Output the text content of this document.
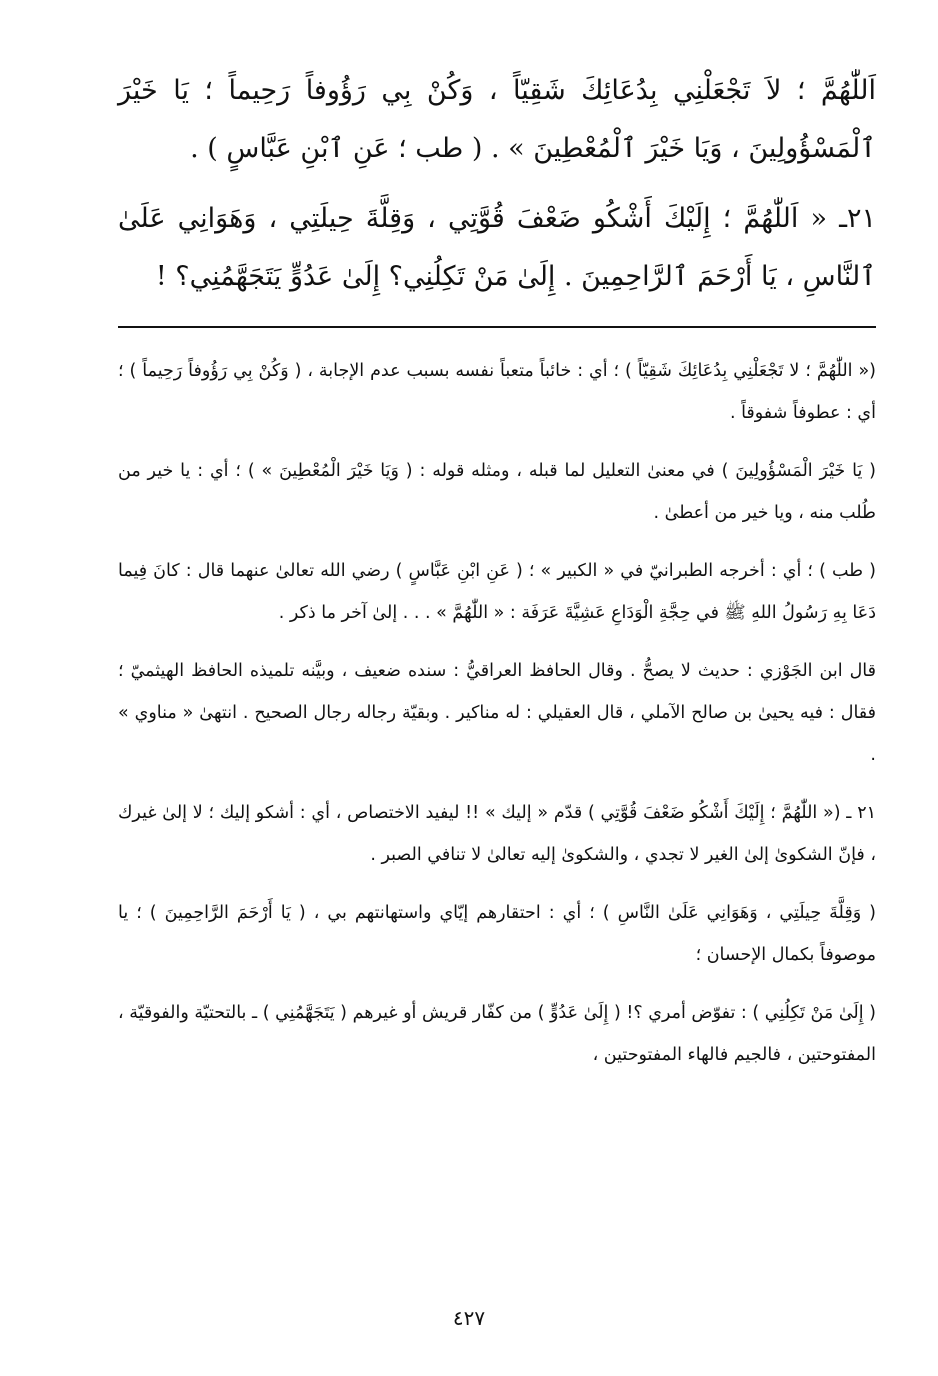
اَللّٰهُمَّ ؛ لاَ تَجْعَلْنِي بِدُعَائِكَ شَقِيّاً ، وَكُنْ بِي رَؤُوفاً رَحِيماً ؛ يَا خَيْرَ ٱلْمَسْؤُولِينَ ، وَيَا خَيْرَ ٱلْمُعْطِينَ » . ( طب ؛ عَنِ ٱبْنِ عَبَّاسٍ ) .

٢١ـ « اَللّٰهُمَّ ؛ إِلَيْكَ أَشْكُو ضَعْفَ قُوَّتِي ، وَقِلَّةَ حِيلَتِي ، وَهَوَانِي عَلَىٰ ٱلنَّاسِ ، يَا أَرْحَمَ ٱلرَّاحِمِينَ . إِلَىٰ مَنْ تَكِلُنِي؟ إِلَىٰ عَدُوٍّ يَتَجَهَّمُنِي؟ !

(« اللّٰهُمَّ ؛ لا تَجْعَلْنِي بِدُعَائِكَ شَقِيّاً ) ؛ أي : خائباً متعباً نفسه بسبب عدم الإجابة ، ( وَكُنْ بِي رَؤُوفاً رَحِيماً ) ؛ أي : عطوفاً شفوقاً .

( يَا خَيْرَ الْمَسْؤُولِينَ ) في معنىٰ التعليل لما قبله ، ومثله قوله : ( وَيَا خَيْرَ الْمُعْطِينَ » ) ؛ أي : يا خير من طُلب منه ، ويا خير من أعطىٰ .

( طب ) ؛ أي : أخرجه الطبرانيّ في « الكبير » ؛ ( عَنِ ابْنِ عَبَّاسٍ ) رضي الله تعالىٰ عنهما قال : كانَ فِيما دَعَا بِهِ رَسُولُ اللهِ ﷺ في حِجَّةِ الْوَدَاعِ عَشِيَّةَ عَرَفَة : « اللّٰهُمَّ » . . . إلىٰ آخر ما ذكر .

قال ابن الجَوْزي : حديث لا يصحُّ . وقال الحافظ العراقيُّ : سنده ضعيف ، وبيَّنه تلميذه الحافظ الهيثميّ ؛ فقال : فيه يحيىٰ بن صالح الآملي ، قال العقيلي : له مناكير . وبقيّة رجاله رجال الصحيح . انتهىٰ « مناوي » .

٢١ ـ (« اللّٰهُمَّ ؛ إِلَيْكَ أَشْكُو ضَعْفَ قُوَّتِي ) قدّم « إليك » !! ليفيد الاختصاص ، أي : أشكو إليك ؛ لا إلىٰ غيرك ، فإنّ الشكوىٰ إلىٰ الغير لا تجدي ، والشكوىٰ إليه تعالىٰ لا تنافي الصبر .

( وَقِلَّةَ حِيلَتِي ، وَهَوَانِي عَلَىٰ النَّاسِ ) ؛ أي : احتقارهم إيّاي واستهانتهم بي ، ( يَا أَرْحَمَ الرَّاحِمِينَ ) ؛ يا موصوفاً بكمال الإحسان ؛

( إِلَىٰ مَنْ تَكِلُنِي ) : تفوّض أمري ؟! ( إِلَىٰ عَدُوٍّ ) من كفّار قريش أو غيرهم ( يَتَجَهَّمُنِي ) ـ بالتحتيّة والفوقيّة ، المفتوحتين ، فالجيم فالهاء المفتوحتين ،

٤٢٧
